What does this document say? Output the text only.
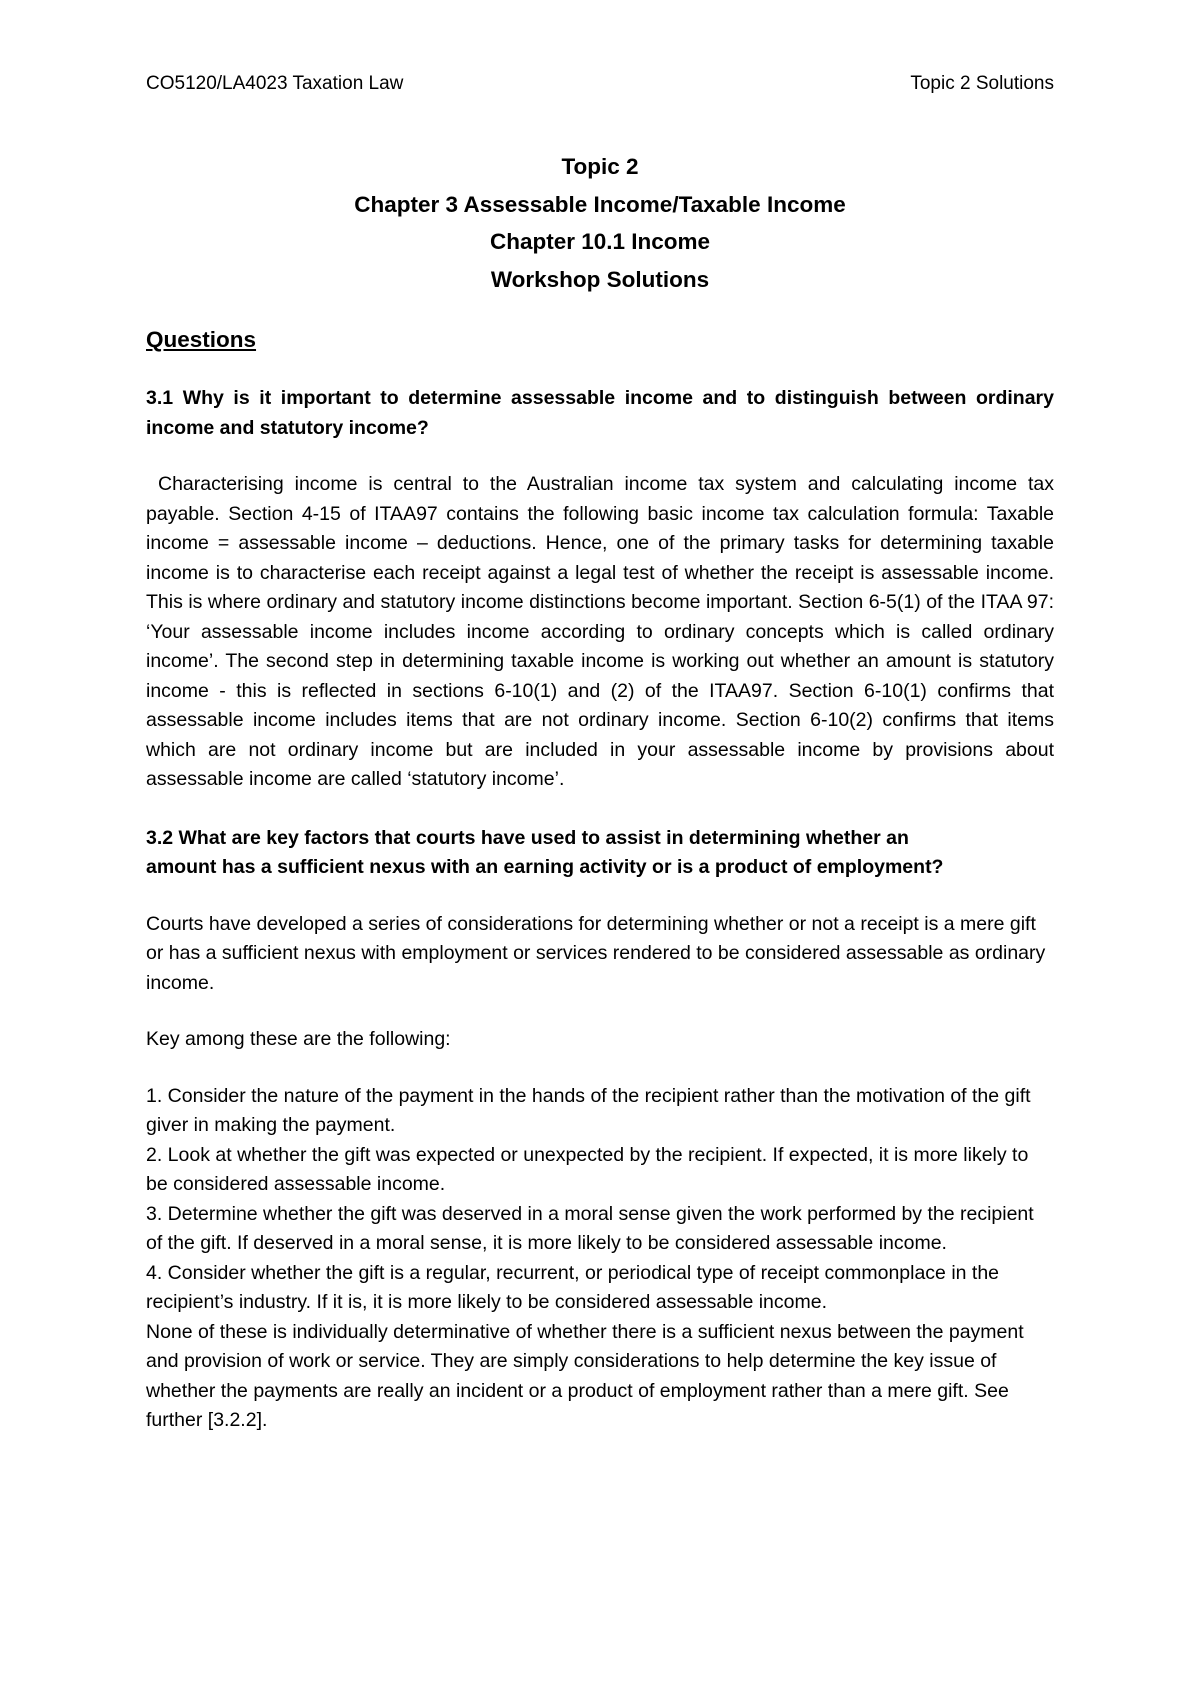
CO5120/LA4023 Taxation Law	Topic 2 Solutions
Topic 2
Chapter 3 Assessable Income/Taxable Income
Chapter 10.1 Income
Workshop Solutions
Questions
3.1 Why is it important to determine assessable income and to distinguish between ordinary income and statutory income?

Characterising income is central to the Australian income tax system and calculating income tax payable. Section 4-15 of ITAA97 contains the following basic income tax calculation formula: Taxable income = assessable income – deductions. Hence, one of the primary tasks for determining taxable income is to characterise each receipt against a legal test of whether the receipt is assessable income. This is where ordinary and statutory income distinctions become important. Section 6-5(1) of the ITAA 97: ‘Your assessable income includes income according to ordinary concepts which is called ordinary income’. The second step in determining taxable income is working out whether an amount is statutory income - this is reflected in sections 6-10(1) and (2) of the ITAA97. Section 6-10(1) confirms that assessable income includes items that are not ordinary income. Section 6-10(2) confirms that items which are not ordinary income but are included in your assessable income by provisions about assessable income are called ‘statutory income’.

3.2 What are key factors that courts have used to assist in determining whether an
amount has a sufficient nexus with an earning activity or is a product of employment?

Courts have developed a series of considerations for determining whether or not a receipt is a mere gift or has a sufficient nexus with employment or services rendered to be considered assessable as ordinary income.

Key among these are the following:

1. Consider the nature of the payment in the hands of the recipient rather than the motivation of the gift giver in making the payment.
2. Look at whether the gift was expected or unexpected by the recipient. If expected, it is more likely to be considered assessable income.
3. Determine whether the gift was deserved in a moral sense given the work performed by the recipient of the gift. If deserved in a moral sense, it is more likely to be considered assessable income.
4. Consider whether the gift is a regular, recurrent, or periodical type of receipt commonplace in the recipient’s industry. If it is, it is more likely to be considered assessable income.
None of these is individually determinative of whether there is a sufficient nexus between the payment and provision of work or service. They are simply considerations to help determine the key issue of whether the payments are really an incident or a product of employment rather than a mere gift. See further [3.2.2].
